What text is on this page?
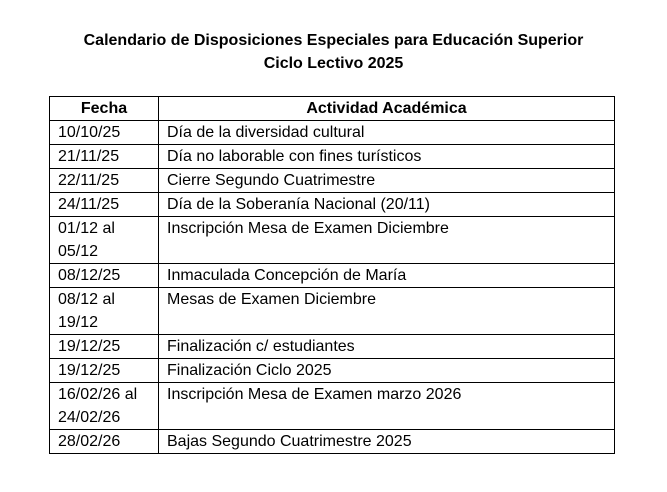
Calendario de Disposiciones Especiales para Educación Superior
Ciclo Lectivo 2025
Fecha	Actividad Académica
10/10/25	Día de la diversidad cultural
21/11/25	Día no laborable con fines turísticos
22/11/25	Cierre Segundo Cuatrimestre
24/11/25	Día de la Soberanía Nacional (20/11)
01/12 al 05/12	Inscripción Mesa de Examen Diciembre
08/12/25	Inmaculada Concepción de María
08/12 al 19/12	Mesas de Examen Diciembre
19/12/25	Finalización c/ estudiantes
19/12/25	Finalización Ciclo 2025
16/02/26 al 24/02/26	Inscripción Mesa de Examen marzo 2026
28/02/26	Bajas Segundo Cuatrimestre 2025
